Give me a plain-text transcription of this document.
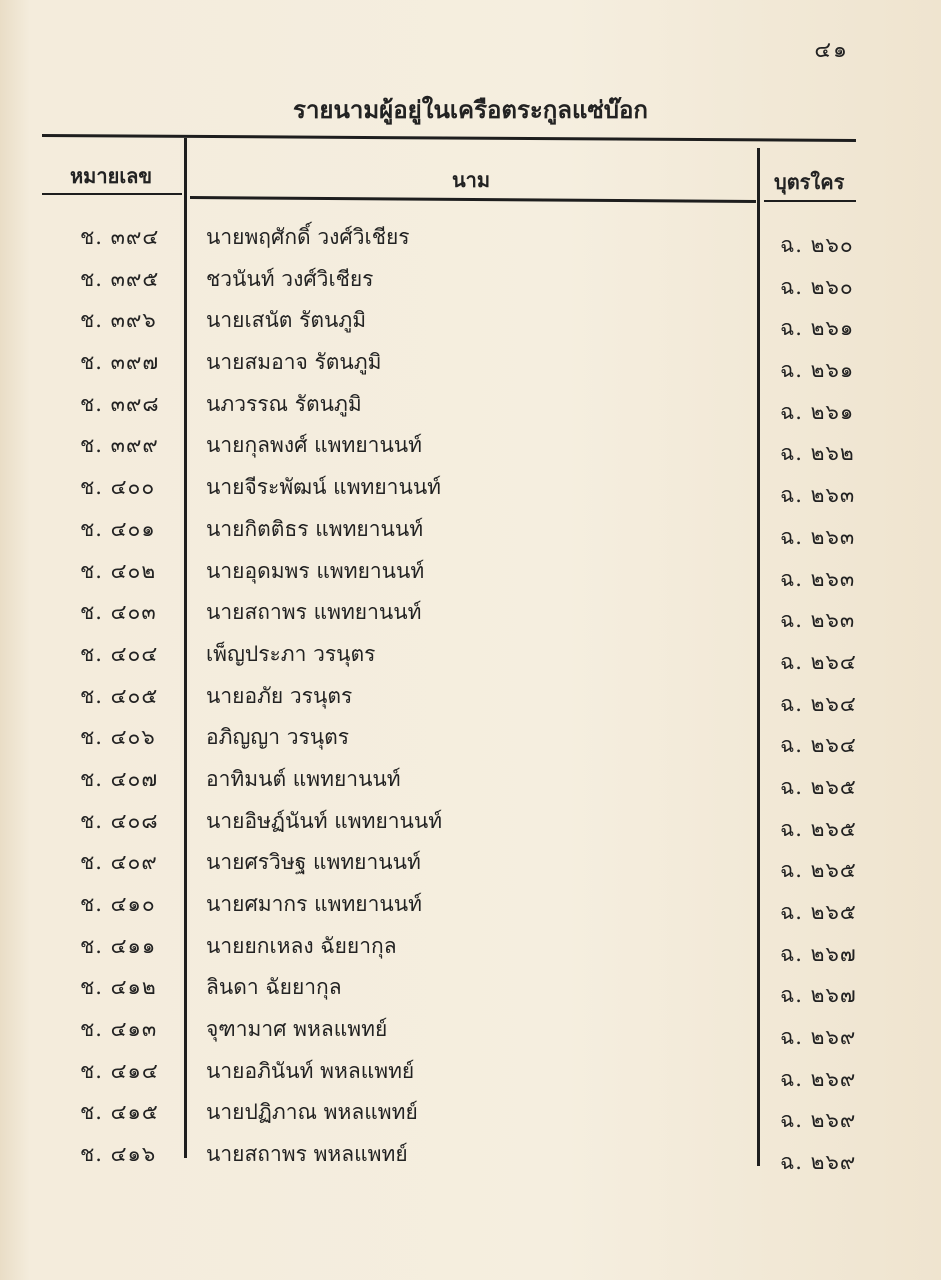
๔๑
รายนามผู้อยู่ในเครือตระกูลแซ่บ๊อก
หมายเลข	นาม	บุตรใคร
ช. ๓๙๔	นายพฤศักดิ์ วงศ์วิเชียร	ฉ. ๒๖๐
ช. ๓๙๕	ชวนันท์ วงศ์วิเชียร	ฉ. ๒๖๐
ช. ๓๙๖	นายเสนัต รัตนภูมิ	ฉ. ๒๖๑
ช. ๓๙๗	นายสมอาจ รัตนภูมิ	ฉ. ๒๖๑
ช. ๓๙๘	นภวรรณ รัตนภูมิ	ฉ. ๒๖๑
ช. ๓๙๙	นายกุลพงศ์ แพทยานนท์	ฉ. ๒๖๒
ช. ๔๐๐	นายจีระพัฒน์ แพทยานนท์	ฉ. ๒๖๓
ช. ๔๐๑	นายกิตติธร แพทยานนท์	ฉ. ๒๖๓
ช. ๔๐๒	นายอุดมพร แพทยานนท์	ฉ. ๒๖๓
ช. ๔๐๓	นายสถาพร แพทยานนท์	ฉ. ๒๖๓
ช. ๔๐๔	เพ็ญประภา วรนุตร	ฉ. ๒๖๔
ช. ๔๐๕	นายอภัย วรนุตร	ฉ. ๒๖๔
ช. ๔๐๖	อภิญญา วรนุตร	ฉ. ๒๖๔
ช. ๔๐๗	อาทิมนต์ แพทยานนท์	ฉ. ๒๖๕
ช. ๔๐๘	นายอิษฏ์นันท์ แพทยานนท์	ฉ. ๒๖๕
ช. ๔๐๙	นายศรวิษฐ แพทยานนท์	ฉ. ๒๖๕
ช. ๔๑๐	นายศมากร แพทยานนท์	ฉ. ๒๖๕
ช. ๔๑๑	นายยกเหลง ฉัยยากุล	ฉ. ๒๖๗
ช. ๔๑๒	ลินดา ฉัยยากุล	ฉ. ๒๖๗
ช. ๔๑๓	จุฑามาศ พหลแพทย์	ฉ. ๒๖๙
ช. ๔๑๔	นายอภินันท์ พหลแพทย์	ฉ. ๒๖๙
ช. ๔๑๕	นายปฏิภาณ พหลแพทย์	ฉ. ๒๖๙
ช. ๔๑๖	นายสถาพร พหลแพทย์	ฉ. ๒๖๙
